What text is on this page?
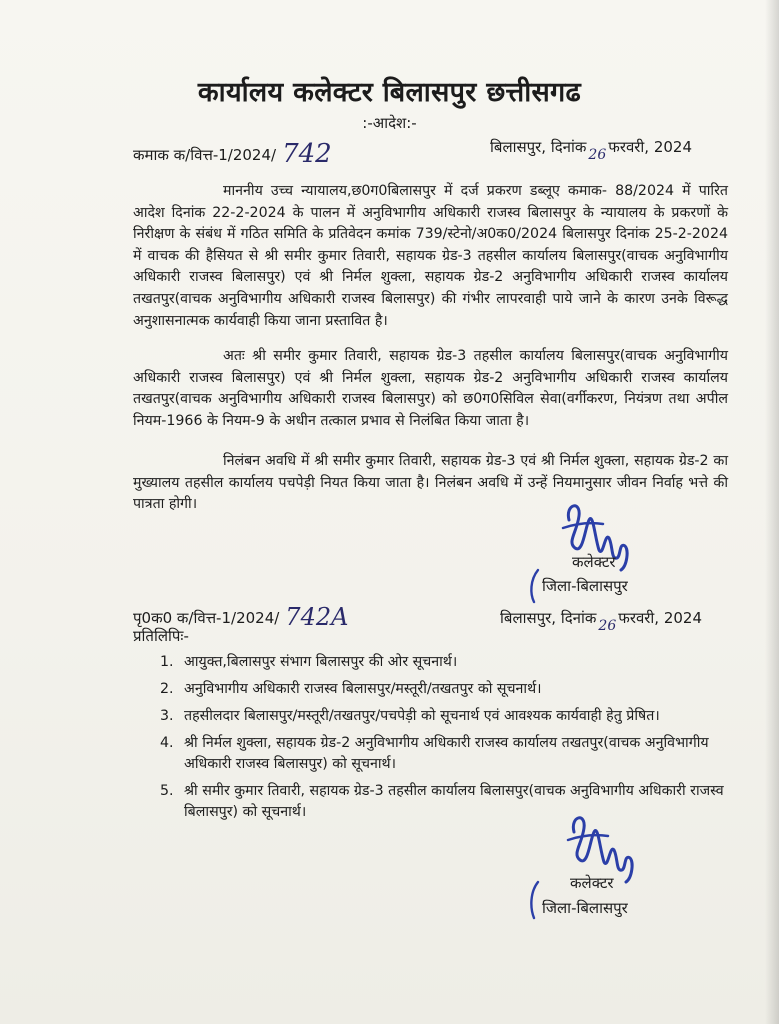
कार्यालय कलेक्टर बिलासपुर छत्तीसगढ
:-आदेश:-
कमाक क/वित्त-1/2024/ 742	बिलासपुर, दिनांक 26 फरवरी, 2024

माननीय उच्च न्यायालय,छ0ग0बिलासपुर में दर्ज प्रकरण डब्लूए कमाक- 88/2024 में पारित आदेश दिनांक 22-2-2024 के पालन में अनुविभागीय अधिकारी राजस्व बिलासपुर के न्यायालय के प्रकरणों के निरीक्षण के संबंध में गठित समिति के प्रतिवेदन कमांक 739/स्टेनो/अ0क0/2024 बिलासपुर दिनांक 25-2-2024 में वाचक की हैसियत से श्री समीर कुमार तिवारी, सहायक ग्रेड-3 तहसील कार्यालय बिलासपुर(वाचक अनुविभागीय अधिकारी राजस्व बिलासपुर) एवं श्री निर्मल शुक्ला, सहायक ग्रेड-2 अनुविभागीय अधिकारी राजस्व कार्यालय तखतपुर(वाचक अनुविभागीय अधिकारी राजस्व बिलासपुर) की गंभीर लापरवाही पाये जाने के कारण उनके विरूद्ध अनुशासनात्मक कार्यवाही किया जाना प्रस्तावित है।

अतः श्री समीर कुमार तिवारी, सहायक ग्रेड-3 तहसील कार्यालय बिलासपुर(वाचक अनुविभागीय अधिकारी राजस्व बिलासपुर) एवं श्री निर्मल शुक्ला, सहायक ग्रेड-2 अनुविभागीय अधिकारी राजस्व कार्यालय तखतपुर(वाचक अनुविभागीय अधिकारी राजस्व बिलासपुर) को छ0ग0सिविल सेवा(वर्गीकरण, नियंत्रण तथा अपील नियम-1966 के नियम-9 के अधीन तत्काल प्रभाव से निलंबित किया जाता है।

निलंबन अवधि में श्री समीर कुमार तिवारी, सहायक ग्रेड-3 एवं श्री निर्मल शुक्ला, सहायक ग्रेड-2 का मुख्यालय तहसील कार्यालय पचपेड़ी नियत किया जाता है। निलंबन अवधि में उन्हें नियमानुसार जीवन निर्वाह भत्ते की पात्रता होगी।

कलेक्टर
जिला-बिलासपुर
पृ0क0 क/वित्त-1/2024/ 742A	बिलासपुर, दिनांक 26 फरवरी, 2024
प्रतिलिपिः-
1. आयुक्त,बिलासपुर संभाग बिलासपुर की ओर सूचनार्थ।
2. अनुविभागीय अधिकारी राजस्व बिलासपुर/मस्तूरी/तखतपुर को सूचनार्थ।
3. तहसीलदार बिलासपुर/मस्तूरी/तखतपुर/पचपेड़ी को सूचनार्थ एवं आवश्यक कार्यवाही हेतु प्रेषित।
4. श्री निर्मल शुक्ला, सहायक ग्रेड-2 अनुविभागीय अधिकारी राजस्व कार्यालय तखतपुर(वाचक अनुविभागीय अधिकारी राजस्व बिलासपुर) को सूचनार्थ।
5. श्री समीर कुमार तिवारी, सहायक ग्रेड-3 तहसील कार्यालय बिलासपुर(वाचक अनुविभागीय अधिकारी राजस्व बिलासपुर) को सूचनार्थ।
कलेक्टर
जिला-बिलासपुर
